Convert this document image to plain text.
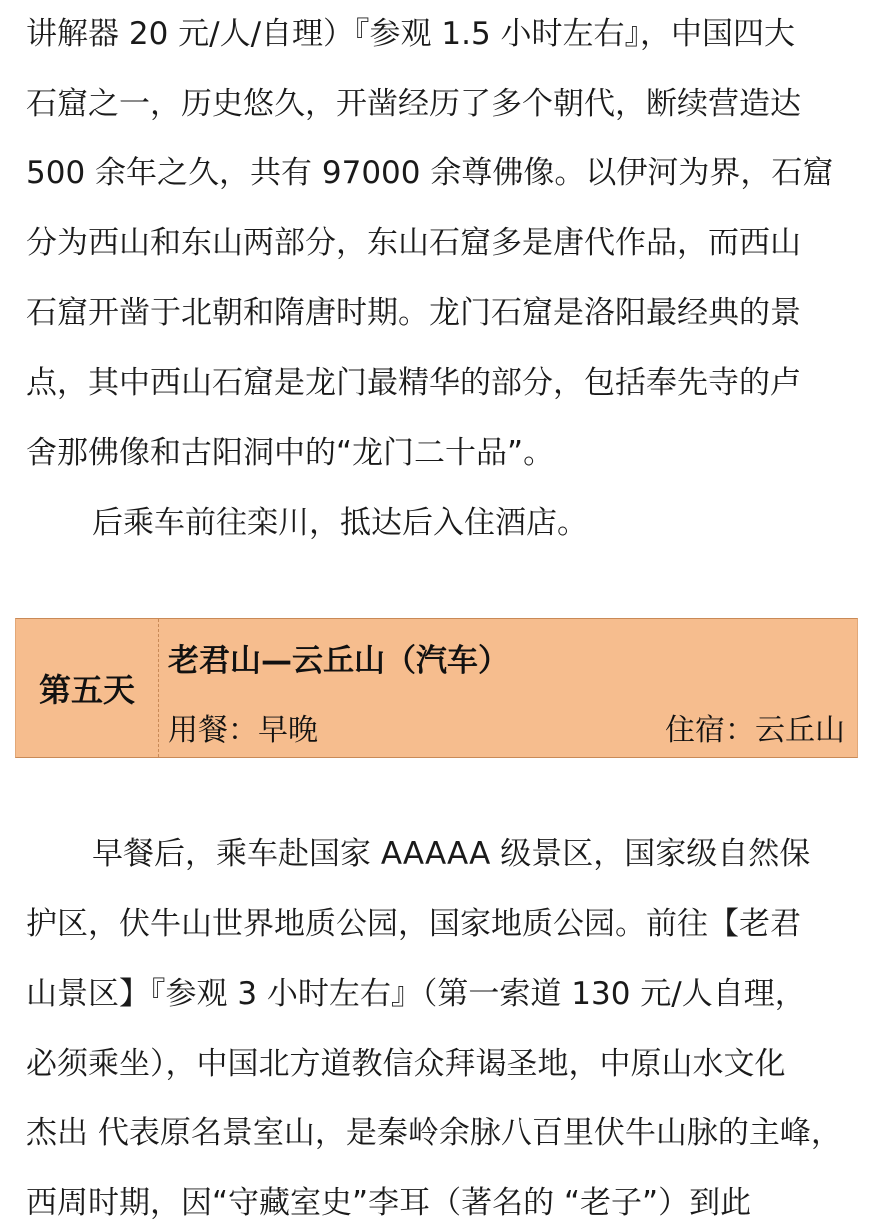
讲解器 20 元/人/自理）『参观 1.5 小时左右』，中国四大
石窟之一，历史悠久，开凿经历了多个朝代，断续营造达
500 余年之久，共有 97000 余尊佛像。以伊河为界，石窟
分为西山和东山两部分，东山石窟多是唐代作品，而西山
石窟开凿于北朝和隋唐时期。龙门石窟是洛阳最经典的景
点，其中西山石窟是龙门最精华的部分，包括奉先寺的卢
舍那佛像和古阳洞中的“龙门二十品”。
后乘车前往栾川，抵达后入住酒店。
第五天
老君山—云丘山（汽车）
用餐：早晚	住宿：云丘山
早餐后，乘车赴国家 AAAAA 级景区，国家级自然保
护区，伏牛山世界地质公园，国家地质公园。前往【老君
山景区】『参观 3 小时左右』（第一索道 130 元/人自理，
必须乘坐），中国北方道教信众拜谒圣地，中原山水文化
杰出 代表原名景室山，是秦岭余脉八百里伏牛山脉的主峰，
西周时期，因“守藏室史”李耳（著名的 “老子”）到此
